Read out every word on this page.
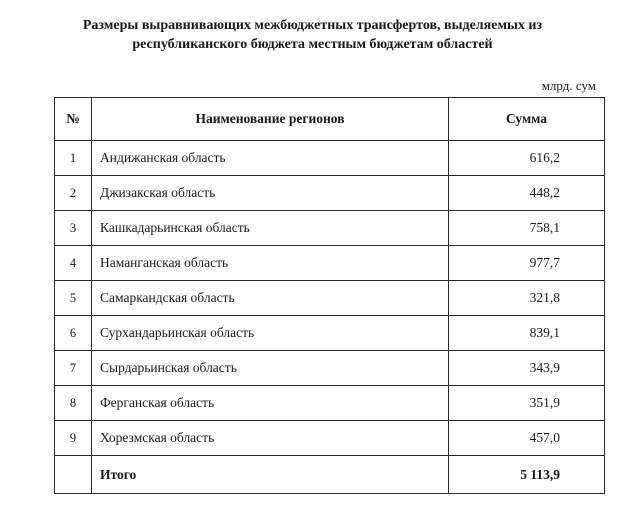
Размеры выравнивающих межбюджетных трансфертов, выделяемых из
республиканского бюджета местным бюджетам областей
млрд. сум
№	Наименование регионов	Сумма
1	Андижанская область	616,2
2	Джизакская область	448,2
3	Кашкадарьинская область	758,1
4	Наманганская область	977,7
5	Самаркандская область	321,8
6	Сурхандарьинская область	839,1
7	Сырдарьинская область	343,9
8	Ферганская область	351,9
9	Хорезмская область	457,0
	Итого	5 113,9
